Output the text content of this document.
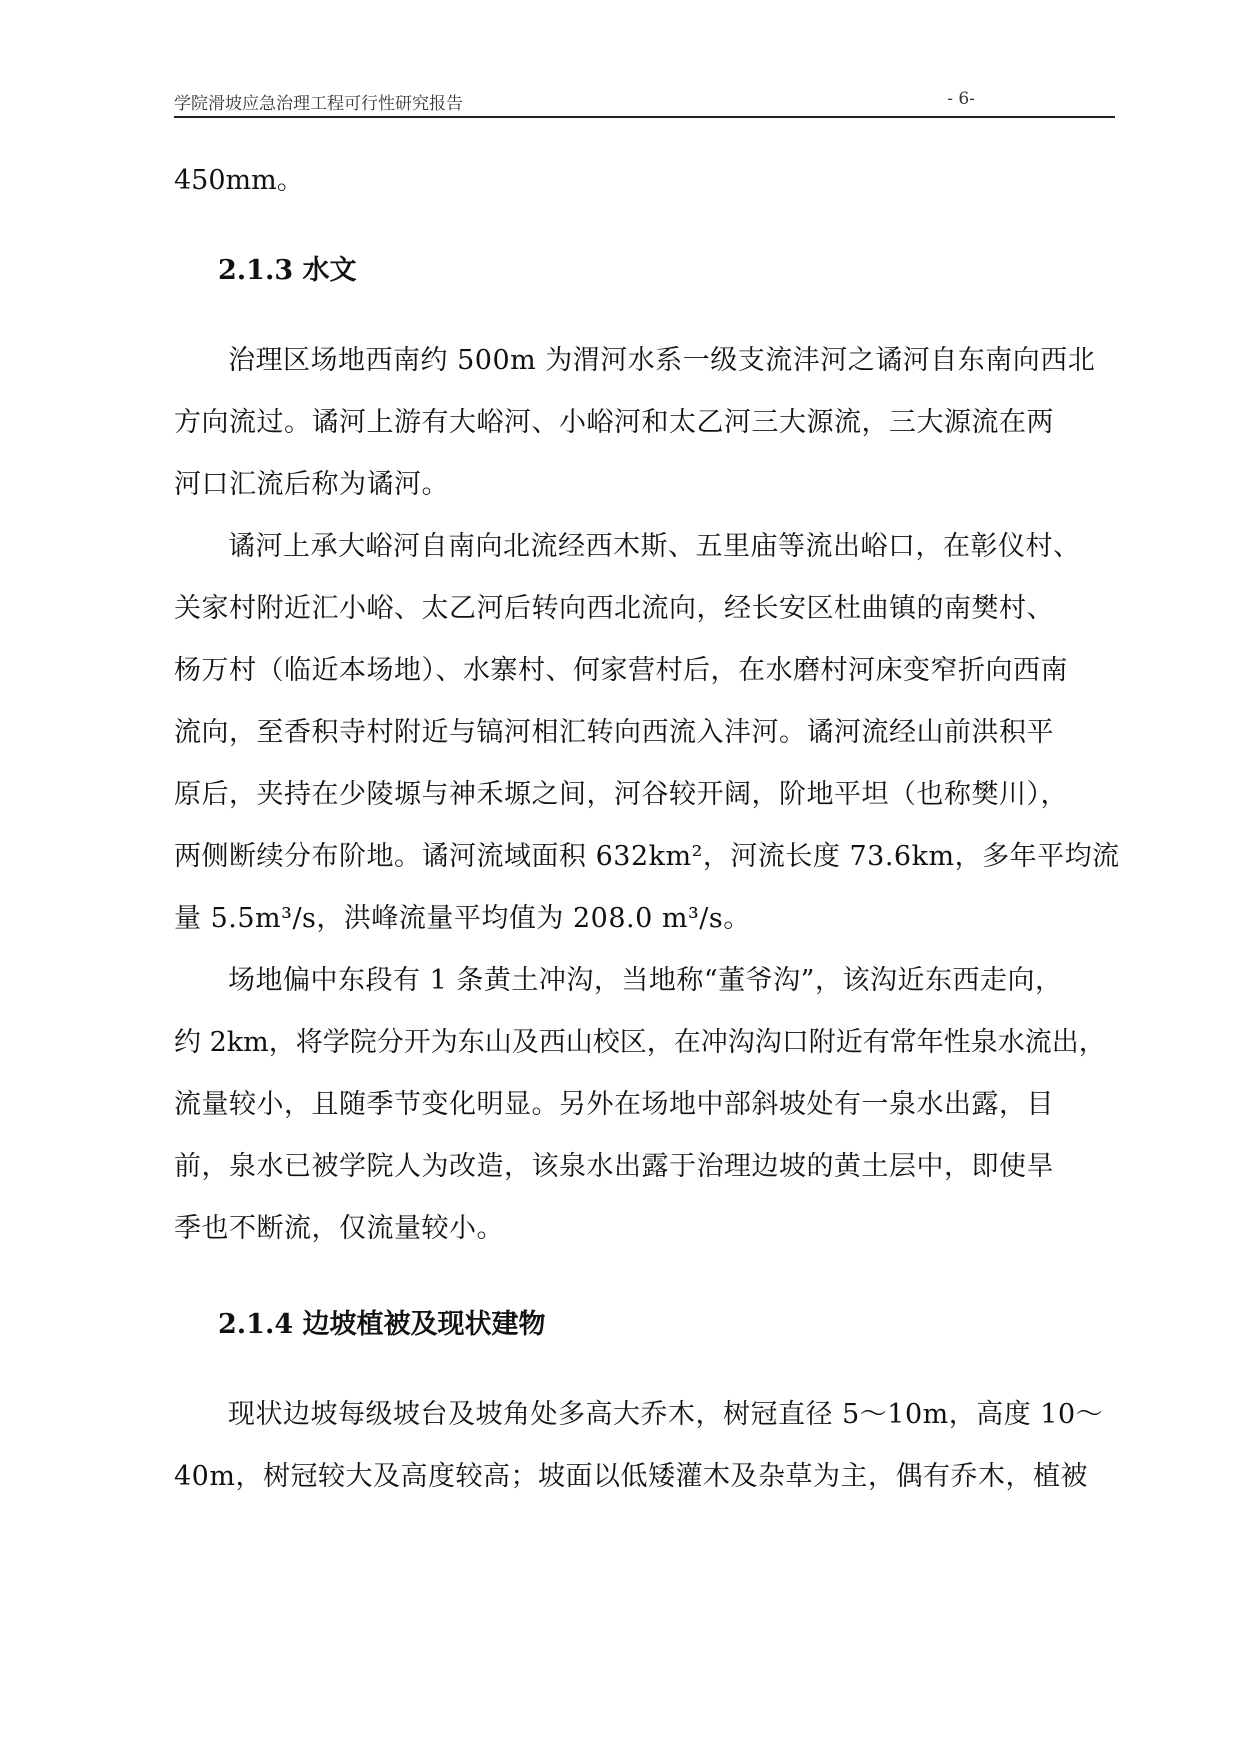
学院滑坡应急治理工程可行性研究报告	- 6-
450mm。
2.1.3 水文
治理区场地西南约 500m 为渭河水系一级支流沣河之谲河自东南向西北
方向流过。谲河上游有大峪河、小峪河和太乙河三大源流，三大源流在两
河口汇流后称为谲河。
谲河上承大峪河自南向北流经西木斯、五里庙等流出峪口，在彰仪村、
关家村附近汇小峪、太乙河后转向西北流向，经长安区杜曲镇的南樊村、
杨万村（临近本场地）、水寨村、何家营村后，在水磨村河床变窄折向西南
流向，至香积寺村附近与镐河相汇转向西流入沣河。谲河流经山前洪积平
原后，夹持在少陵塬与神禾塬之间，河谷较开阔，阶地平坦（也称樊川），
两侧断续分布阶地。谲河流域面积 632km²，河流长度 73.6km，多年平均流
量 5.5m³/s，洪峰流量平均值为 208.0 m³/s。
场地偏中东段有 1 条黄土冲沟，当地称“董爷沟”，该沟近东西走向，
约 2km，将学院分开为东山及西山校区，在冲沟沟口附近有常年性泉水流出，
流量较小，且随季节变化明显。另外在场地中部斜坡处有一泉水出露，目
前，泉水已被学院人为改造，该泉水出露于治理边坡的黄土层中，即使旱
季也不断流，仅流量较小。
2.1.4 边坡植被及现状建物
现状边坡每级坡台及坡角处多高大乔木，树冠直径 5～10m，高度 10～
40m，树冠较大及高度较高；坡面以低矮灌木及杂草为主，偶有乔木，植被
